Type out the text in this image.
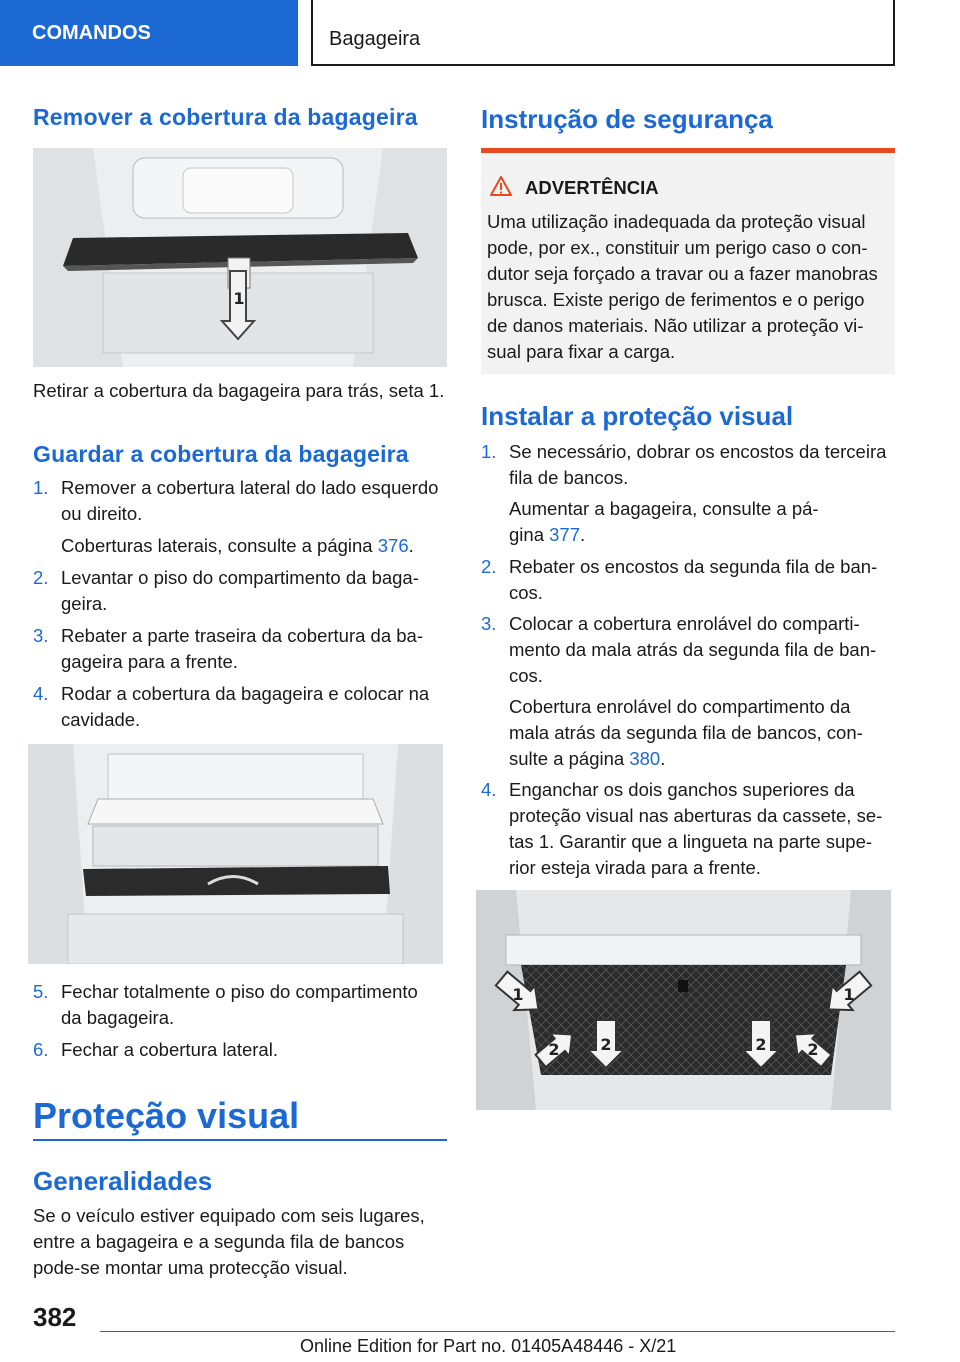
COMANDOS	Bagageira
Remover a cobertura da bagageira
1
Retirar a cobertura da bagageira para trás, seta 1.
Guardar a cobertura da bagageira
1. Remover a cobertura lateral do lado esquerdo
ou direito.
Coberturas laterais, consulte a página 376.
2. Levantar o piso do compartimento da baga-
geira.
3. Rebater a parte traseira da cobertura da ba-
gageira para a frente.
4. Rodar a cobertura da bagageira e colocar na
cavidade.
5. Fechar totalmente o piso do compartimento
da bagageira.
6. Fechar a cobertura lateral.
Proteção visual
Generalidades
Se o veículo estiver equipado com seis lugares,
entre a bagageira e a segunda fila de bancos
pode-se montar uma protecção visual.
Instrução de segurança
ADVERTÊNCIA
Uma utilização inadequada da proteção visual
pode, por ex., constituir um perigo caso o con-
dutor seja forçado a travar ou a fazer manobras
brusca. Existe perigo de ferimentos e o perigo
de danos materiais. Não utilizar a proteção vi-
sual para fixar a carga.
Instalar a proteção visual
1. Se necessário, dobrar os encostos da terceira
fila de bancos.
Aumentar a bagageira, consulte a pá-
gina 377.
2. Rebater os encostos da segunda fila de ban-
cos.
3. Colocar a cobertura enrolável do comparti-
mento da mala atrás da segunda fila de ban-
cos.
Cobertura enrolável do compartimento da
mala atrás da segunda fila de bancos, con-
sulte a página 380.
4. Enganchar os dois ganchos superiores da
proteção visual nas aberturas da cassete, se-
tas 1. Garantir que a lingueta na parte supe-
rior esteja virada para a frente.
1	1
2	2
2	2
382
Online Edition for Part no. 01405A48446 - X/21
